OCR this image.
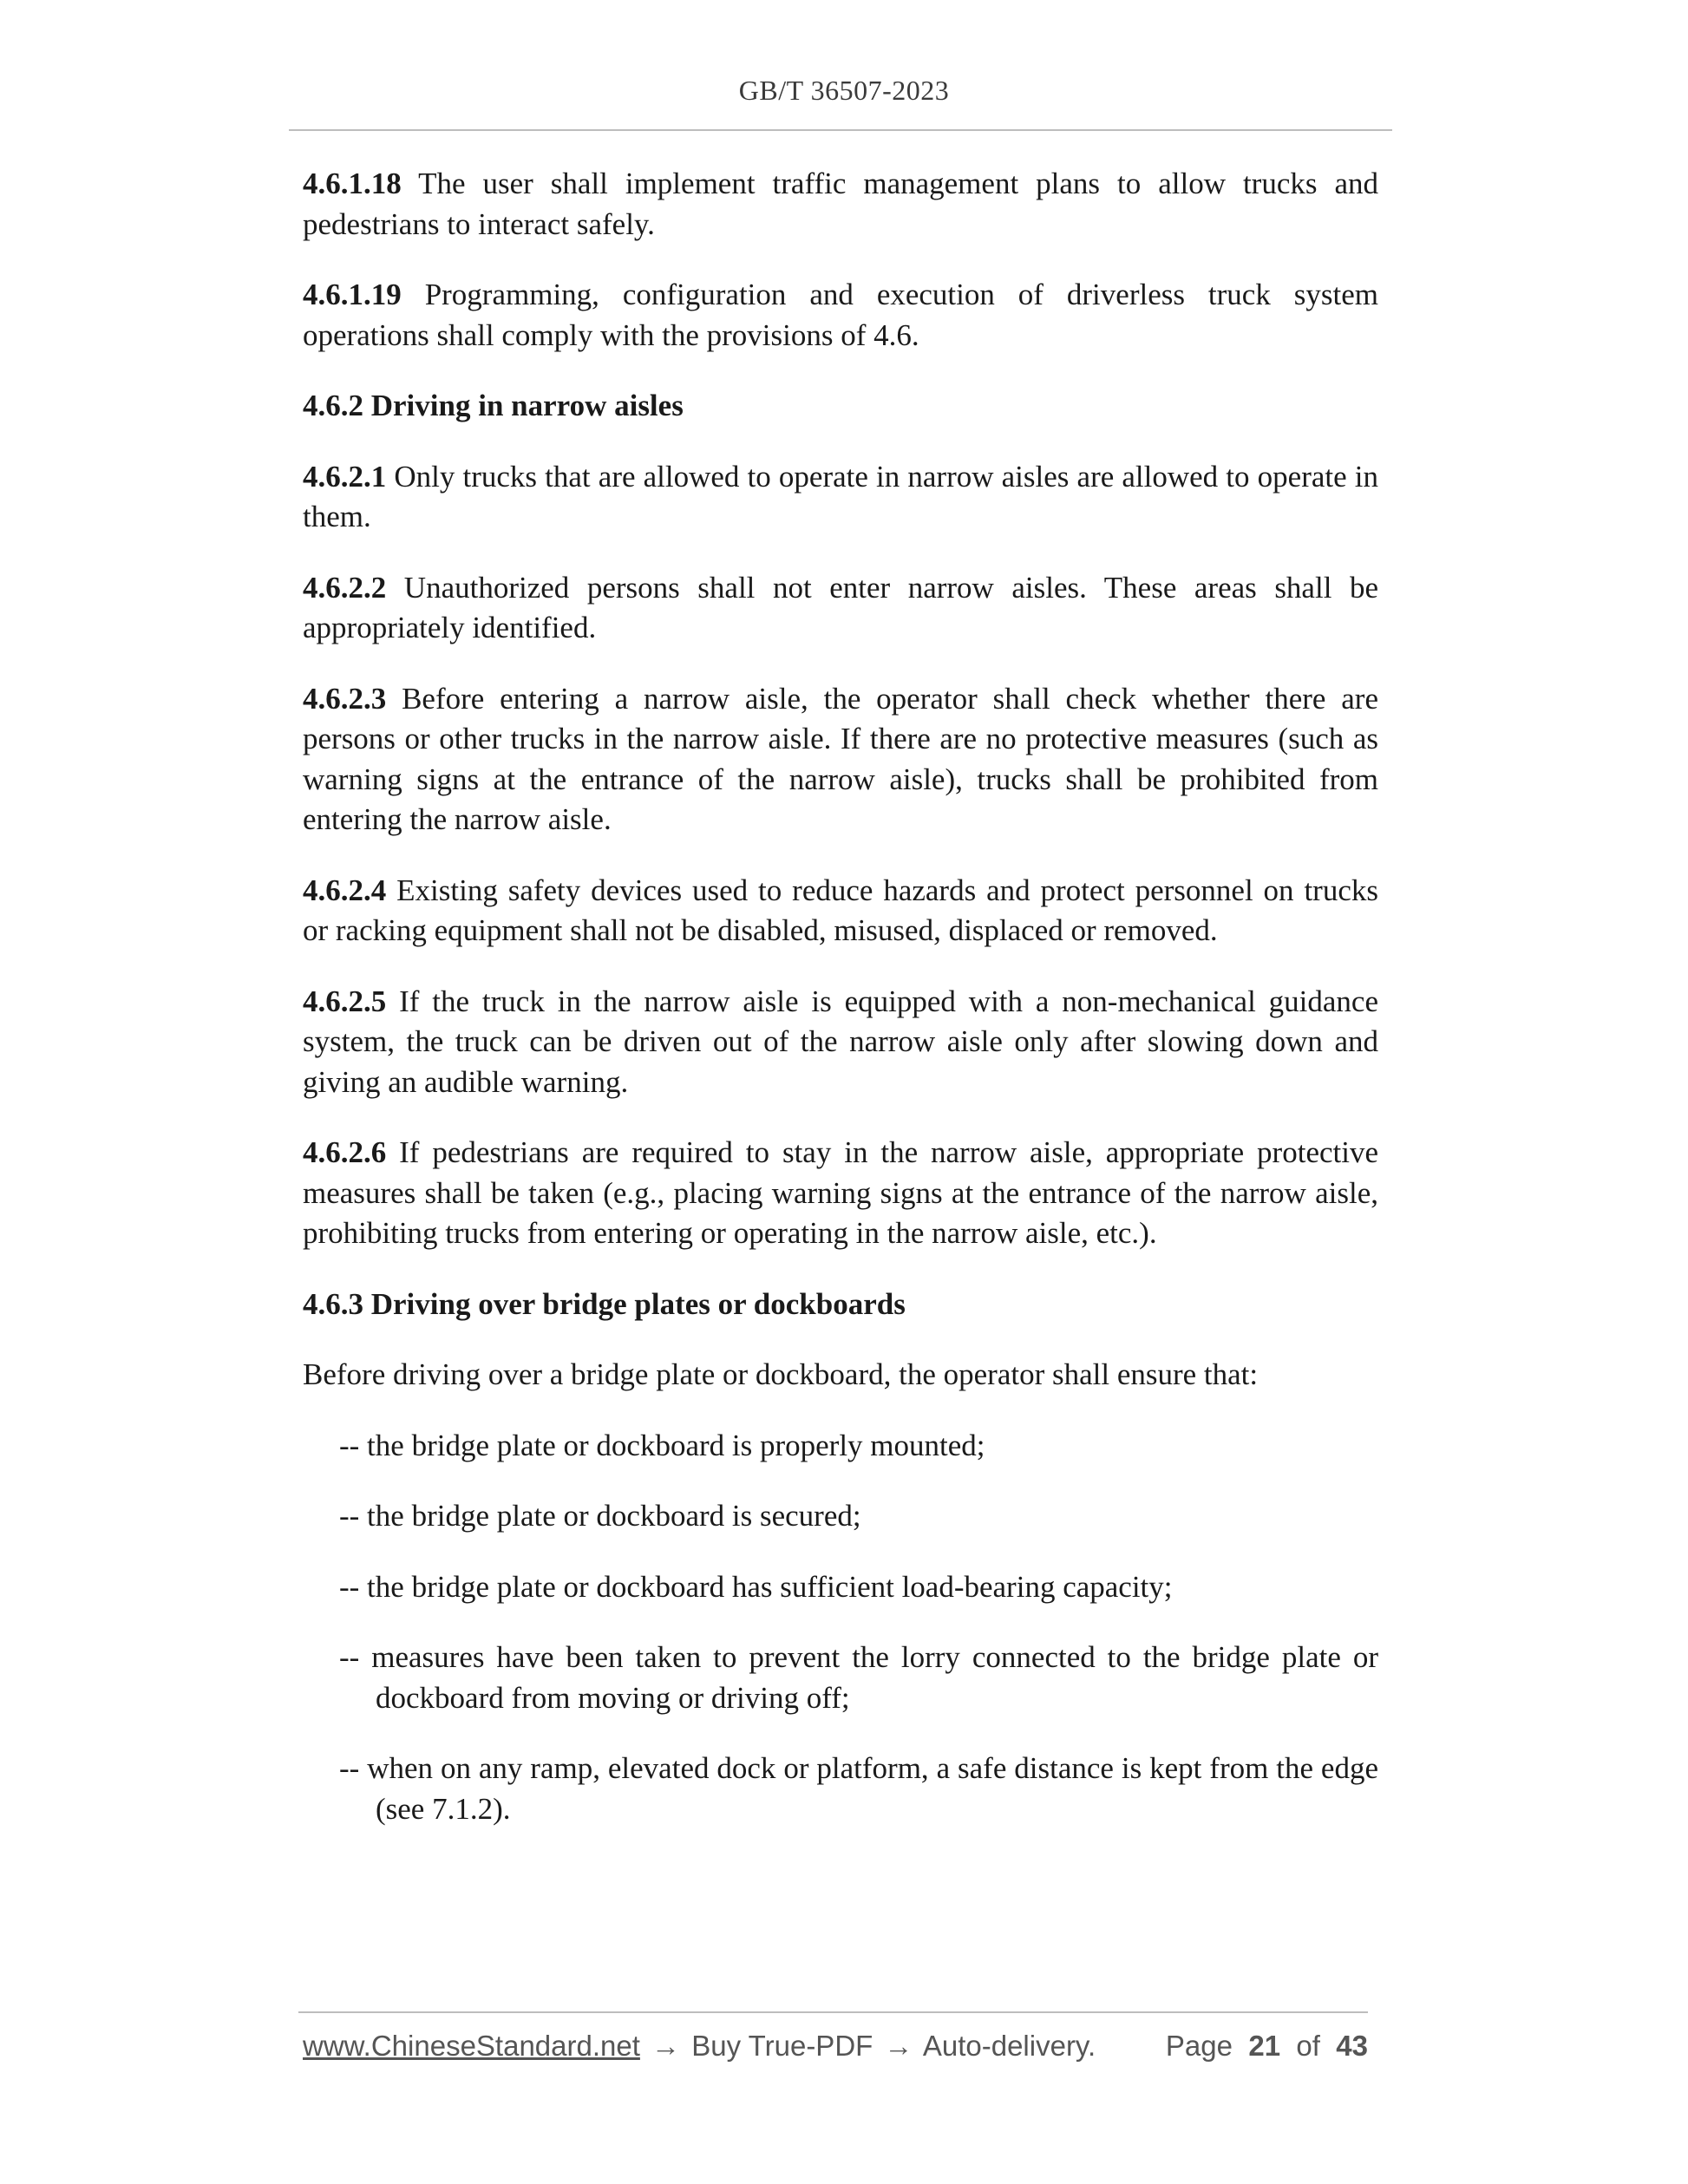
GB/T 36507-2023

4.6.1.18 The user shall implement traffic management plans to allow trucks and pedestrians to interact safely.

4.6.1.19 Programming, configuration and execution of driverless truck system operations shall comply with the provisions of 4.6.

4.6.2 Driving in narrow aisles

4.6.2.1 Only trucks that are allowed to operate in narrow aisles are allowed to operate in them.

4.6.2.2 Unauthorized persons shall not enter narrow aisles. These areas shall be appropriately identified.

4.6.2.3 Before entering a narrow aisle, the operator shall check whether there are persons or other trucks in the narrow aisle. If there are no protective measures (such as warning signs at the entrance of the narrow aisle), trucks shall be prohibited from entering the narrow aisle.

4.6.2.4 Existing safety devices used to reduce hazards and protect personnel on trucks or racking equipment shall not be disabled, misused, displaced or removed.

4.6.2.5 If the truck in the narrow aisle is equipped with a non-mechanical guidance system, the truck can be driven out of the narrow aisle only after slowing down and giving an audible warning.

4.6.2.6 If pedestrians are required to stay in the narrow aisle, appropriate protective measures shall be taken (e.g., placing warning signs at the entrance of the narrow aisle, prohibiting trucks from entering or operating in the narrow aisle, etc.).

4.6.3 Driving over bridge plates or dockboards

Before driving over a bridge plate or dockboard, the operator shall ensure that:

-- the bridge plate or dockboard is properly mounted;

-- the bridge plate or dockboard is secured;

-- the bridge plate or dockboard has sufficient load-bearing capacity;

-- measures have been taken to prevent the lorry connected to the bridge plate or dockboard from moving or driving off;

-- when on any ramp, elevated dock or platform, a safe distance is kept from the edge (see 7.1.2).

www.ChineseStandard.net → Buy True-PDF → Auto-delivery. Page 21 of 43
